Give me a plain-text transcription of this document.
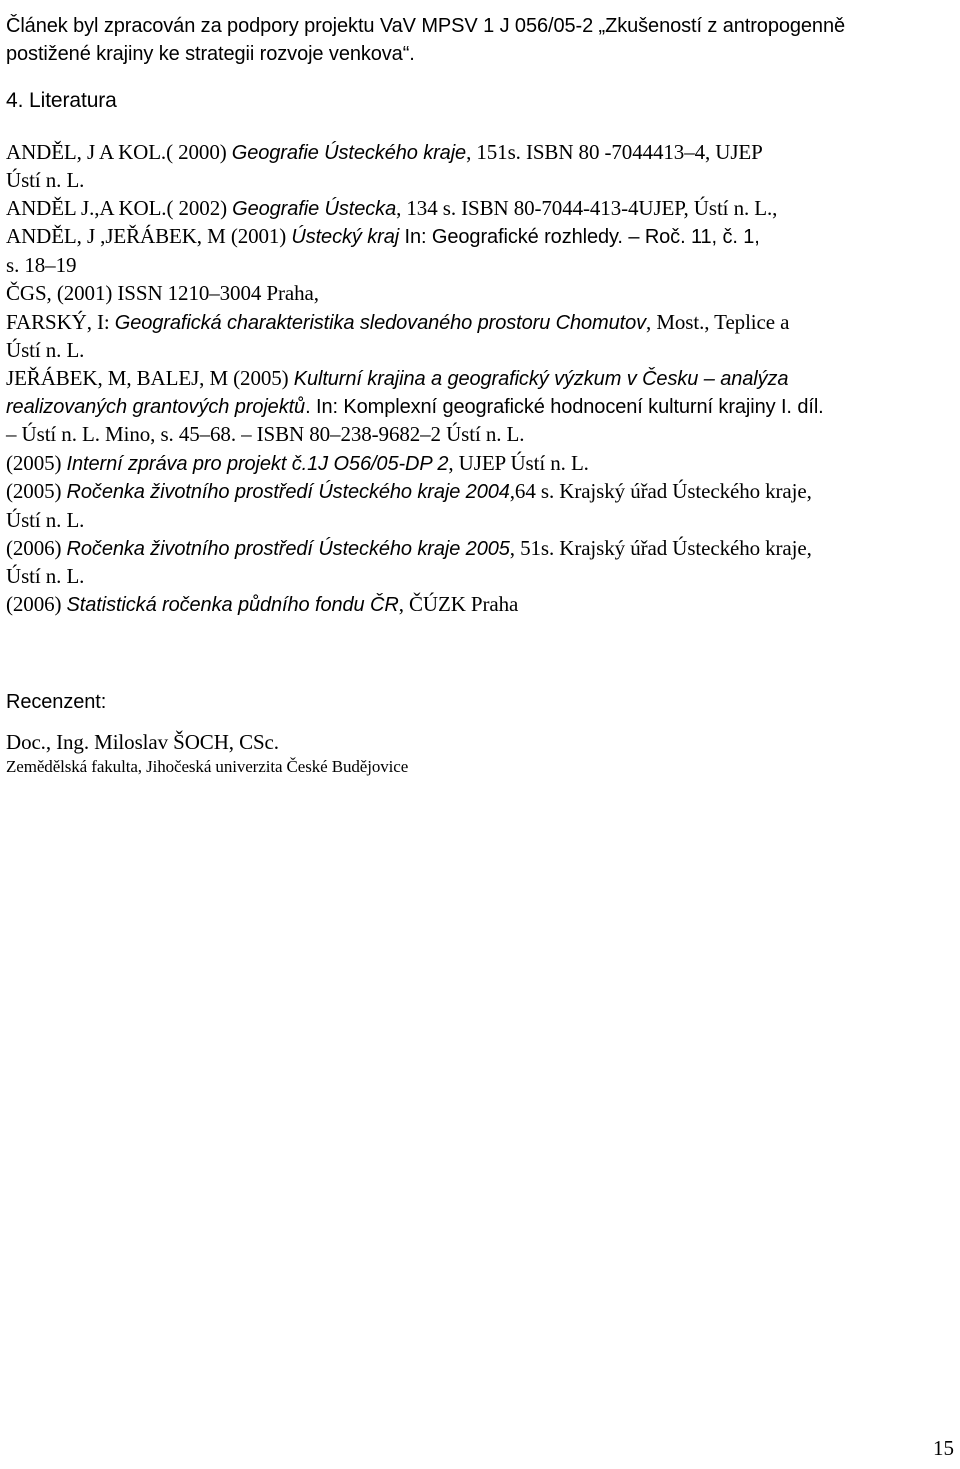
Článek byl zpracován za podpory projektu VaV MPSV 1 J 056/05-2 „Zkušeností z antropogenně
postižené krajiny ke strategii rozvoje venkova“.
4. Literatura
ANDĚL, J A KOL.( 2000) Geografie Ústeckého kraje, 151s. ISBN 80 -7044413–4, UJEP
Ústí n. L.
ANDĚL J.,A KOL.( 2002) Geografie Ústecka, 134 s. ISBN 80-7044-413-4UJEP, Ústí n. L.,
ANDĚL, J ,JEŘÁBEK, M (2001) Ústecký kraj In: Geografické rozhledy. – Roč. 11, č. 1,
s. 18–19
ČGS, (2001) ISSN 1210–3004 Praha,
FARSKÝ, I: Geografická charakteristika sledovaného prostoru Chomutov, Most., Teplice a
Ústí n. L.
JEŘÁBEK, M, BALEJ, M (2005) Kulturní krajina a geografický výzkum v Česku – analýza
realizovaných grantových projektů. In: Komplexní geografické hodnocení kulturní krajiny I. díl.
– Ústí n. L. Mino, s. 45–68. – ISBN 80–238-9682–2 Ústí n. L.
(2005) Interní zpráva pro projekt č.1J O56/05-DP 2, UJEP Ústí n. L.
(2005) Ročenka životního prostředí Ústeckého kraje 2004,64 s. Krajský úřad Ústeckého kraje,
Ústí n. L.
(2006) Ročenka životního prostředí Ústeckého kraje 2005, 51s. Krajský úřad Ústeckého kraje,
Ústí n. L.
(2006) Statistická ročenka půdního fondu ČR, ČÚZK Praha
Recenzent:
Doc., Ing. Miloslav ŠOCH, CSc.
Zemědělská fakulta, Jihočeská univerzita České Budějovice
15
